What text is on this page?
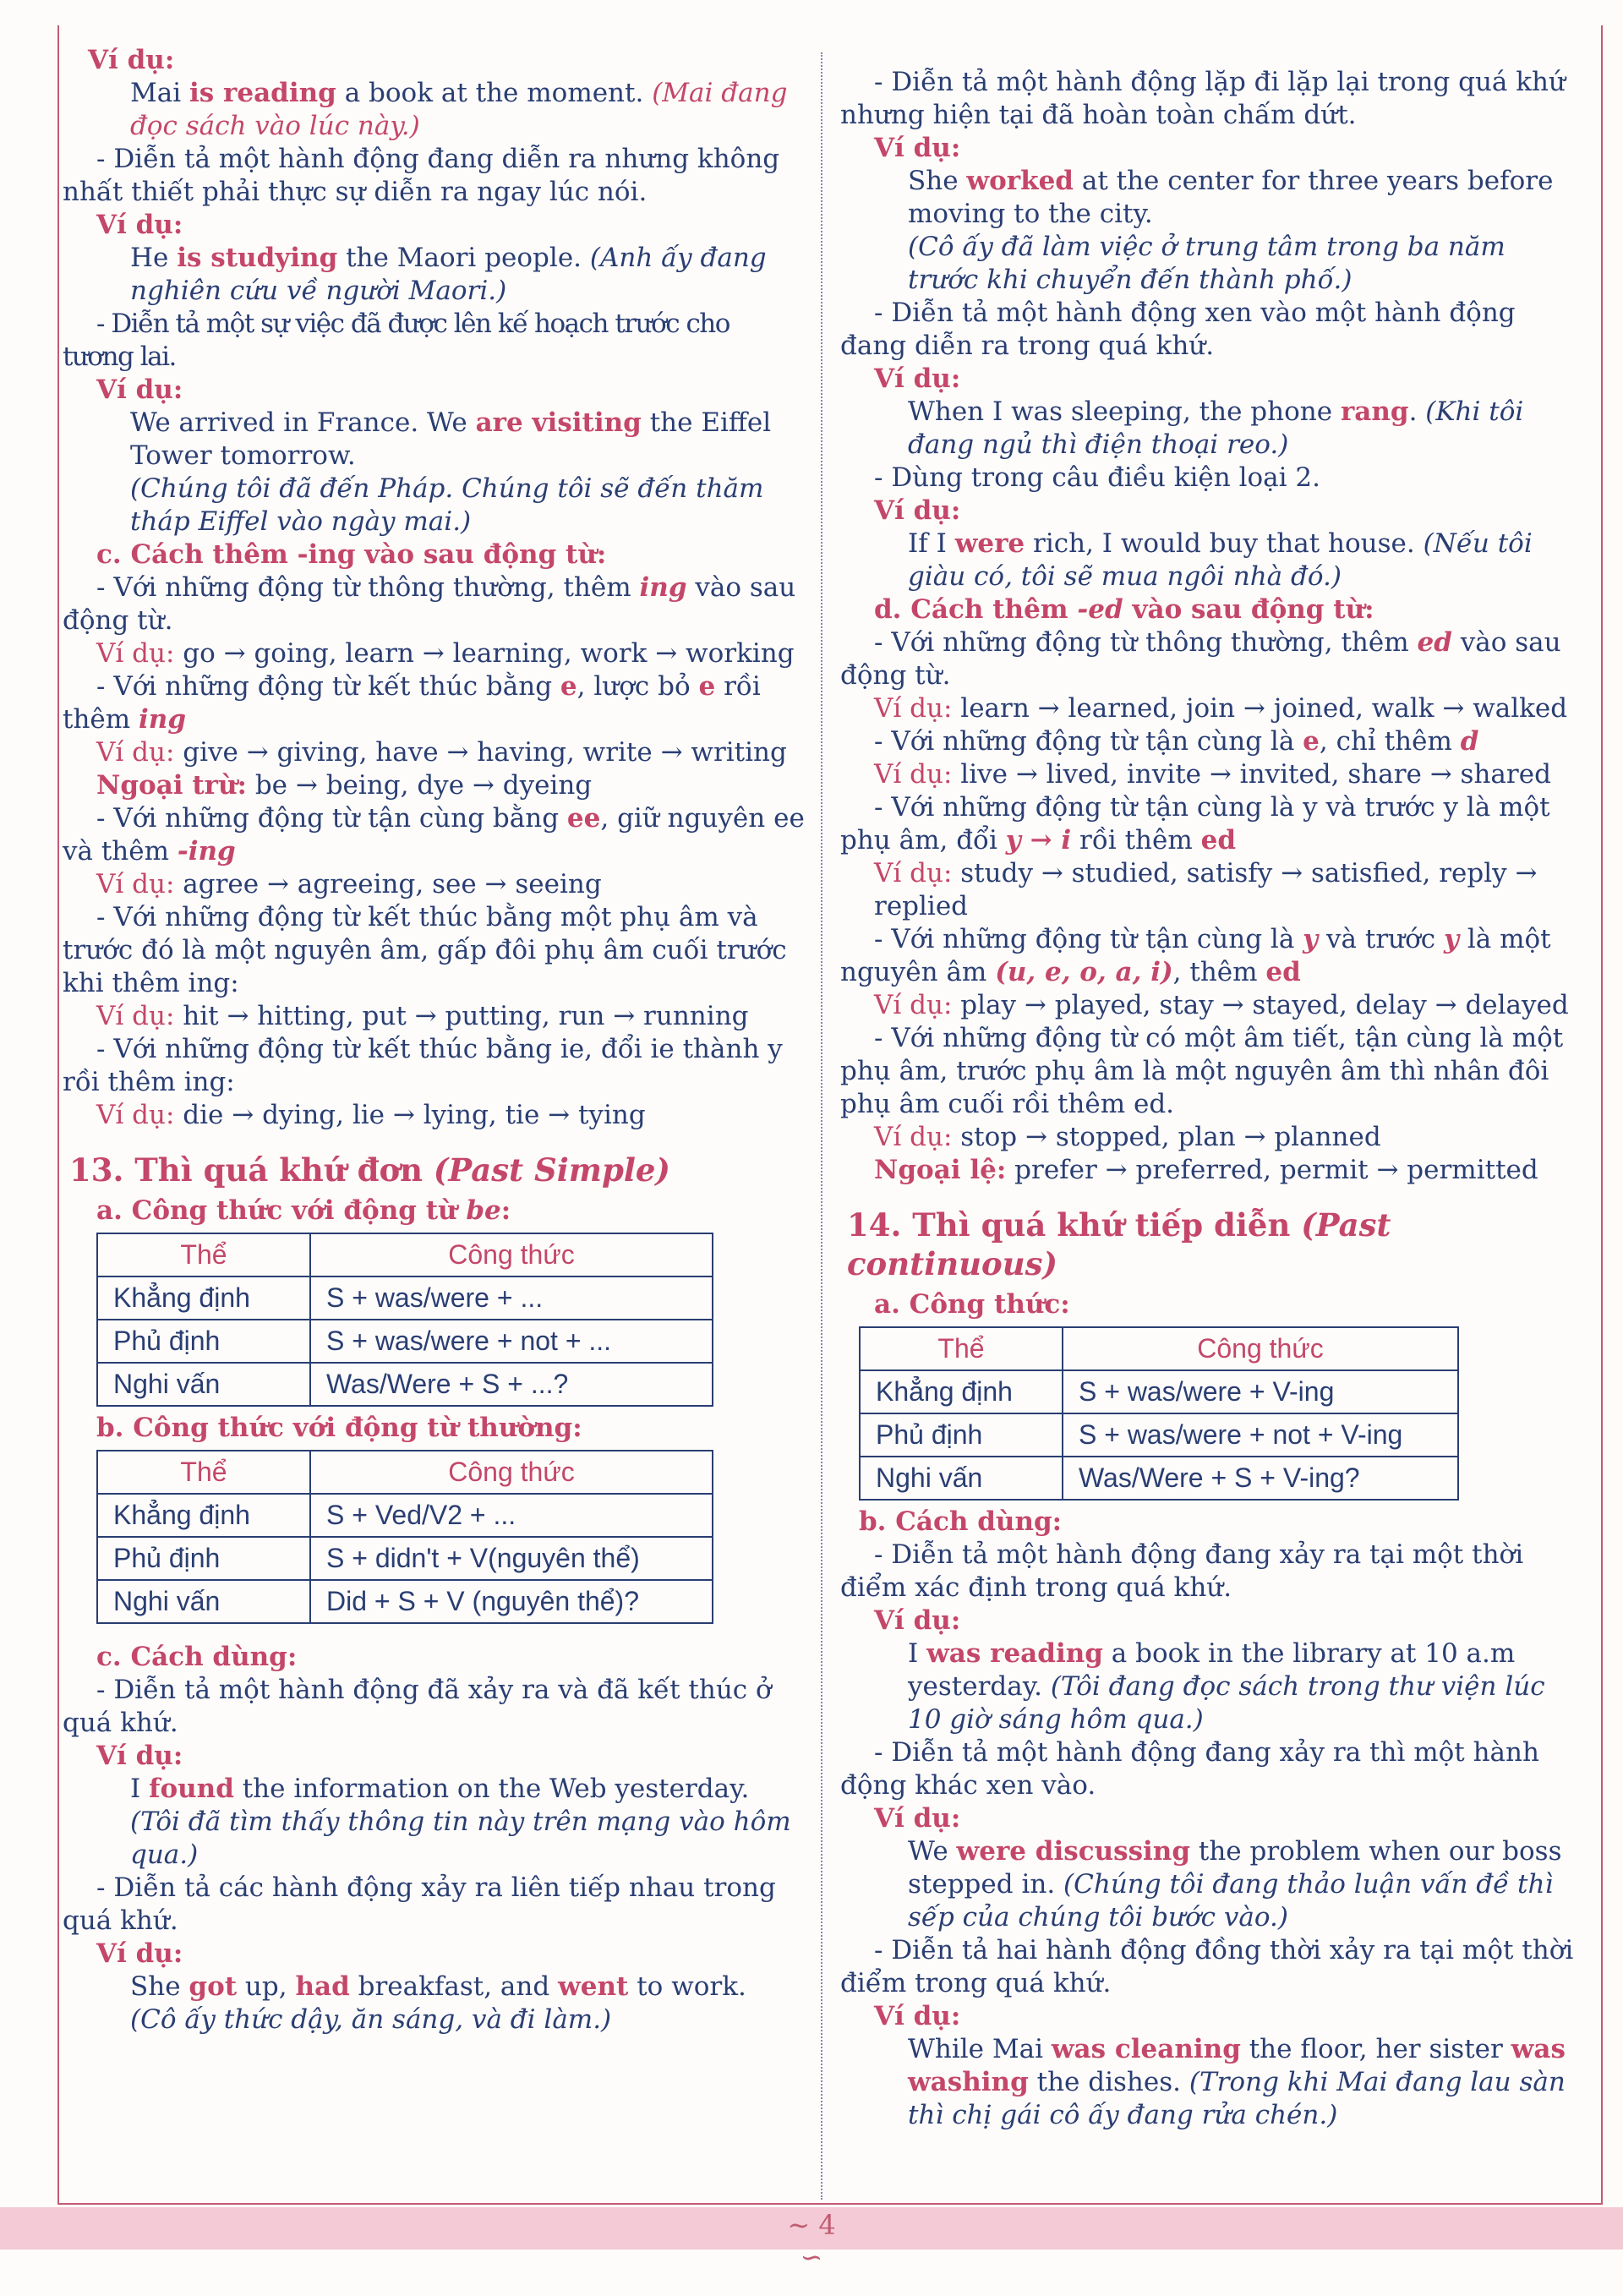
Ví dụ:
Mai is reading a book at the moment. (Mai đang
đọc sách vào lúc này.)
- Diễn tả một hành động đang diễn ra nhưng không nhất thiết phải thực sự diễn ra ngay lúc nói.
Ví dụ:
He is studying the Maori people. (Anh ấy đang
nghiên cứu về người Maori.)
- Diễn tả một sự việc đã được lên kế hoạch trước cho tương lai.
Ví dụ:
We arrived in France. We are visiting the Eiffel Tower tomorrow.
(Chúng tôi đã đến Pháp. Chúng tôi sẽ đến thăm tháp Eiffel vào ngày mai.)
c. Cách thêm -ing vào sau động từ:
- Với những động từ thông thường, thêm ing vào sau động từ.
Ví dụ: go → going, learn → learning, work → working
- Với những động từ kết thúc bằng e, lược bỏ e rồi thêm ing
Ví dụ: give → giving, have → having, write → writing
Ngoại trừ: be → being, dye → dyeing
- Với những động từ tận cùng bằng ee, giữ nguyên ee và thêm -ing
Ví dụ: agree → agreeing, see → seeing
- Với những động từ kết thúc bằng một phụ âm và trước đó là một nguyên âm, gấp đôi phụ âm cuối trước khi thêm ing:
Ví dụ: hit → hitting, put → putting, run → running
- Với những động từ kết thúc bằng ie, đổi ie thành y rồi thêm ing:
Ví dụ: die → dying, lie → lying, tie → tying
13. Thì quá khứ đơn (Past Simple)
a. Công thức với động từ be:
Thể	Công thức
Khẳng định	S + was/were + ...
Phủ định	S + was/were + not + ...
Nghi vấn	Was/Were + S + ...?
b. Công thức với động từ thường:
Thể	Công thức
Khẳng định	S + Ved/V2 + ...
Phủ định	S + didn't + V(nguyên thể)
Nghi vấn	Did + S + V (nguyên thể)?
c. Cách dùng:
- Diễn tả một hành động đã xảy ra và đã kết thúc ở quá khứ.
Ví dụ:
I found the information on the Web yesterday.
(Tôi đã tìm thấy thông tin này trên mạng vào hôm qua.)
- Diễn tả các hành động xảy ra liên tiếp nhau trong quá khứ.
Ví dụ:
She got up, had breakfast, and went to work.
(Cô ấy thức dậy, ăn sáng, và đi làm.)
- Diễn tả một hành động lặp đi lặp lại trong quá khứ nhưng hiện tại đã hoàn toàn chấm dứt.
Ví dụ:
She worked at the center for three years before moving to the city.
(Cô ấy đã làm việc ở trung tâm trong ba năm trước khi chuyển đến thành phố.)
- Diễn tả một hành động xen vào một hành động đang diễn ra trong quá khứ.
Ví dụ:
When I was sleeping, the phone rang. (Khi tôi đang ngủ thì điện thoại reo.)
- Dùng trong câu điều kiện loại 2.
Ví dụ:
If I were rich, I would buy that house. (Nếu tôi giàu có, tôi sẽ mua ngôi nhà đó.)
d. Cách thêm -ed vào sau động từ:
- Với những động từ thông thường, thêm ed vào sau động từ.
Ví dụ: learn → learned, join → joined, walk → walked
- Với những động từ tận cùng là e, chỉ thêm d
Ví dụ: live → lived, invite → invited, share → shared
- Với những động từ tận cùng là y và trước y là một phụ âm, đổi y → i rồi thêm ed
Ví dụ: study → studied, satisfy → satisfied, reply → replied
- Với những động từ tận cùng là y và trước y là một nguyên âm (u, e, o, a, i), thêm ed
Ví dụ: play → played, stay → stayed, delay → delayed
- Với những động từ có một âm tiết, tận cùng là một phụ âm, trước phụ âm là một nguyên âm thì nhân đôi phụ âm cuối rồi thêm ed.
Ví dụ: stop → stopped, plan → planned
Ngoại lệ: prefer → preferred, permit → permitted
14. Thì quá khứ tiếp diễn (Past continuous)
a. Công thức:
Thể	Công thức
Khẳng định	S + was/were + V-ing
Phủ định	S + was/were + not + V-ing
Nghi vấn	Was/Were + S + V-ing?
b. Cách dùng:
- Diễn tả một hành động đang xảy ra tại một thời điểm xác định trong quá khứ.
Ví dụ:
I was reading a book in the library at 10 a.m yesterday. (Tôi đang đọc sách trong thư viện lúc 10 giờ sáng hôm qua.)
- Diễn tả một hành động đang xảy ra thì một hành động khác xen vào.
Ví dụ:
We were discussing the problem when our boss stepped in. (Chúng tôi đang thảo luận vấn đề thì sếp của chúng tôi bước vào.)
- Diễn tả hai hành động đồng thời xảy ra tại một thời điểm trong quá khứ.
Ví dụ:
While Mai was cleaning the floor, her sister was washing the dishes. (Trong khi Mai đang lau sàn thì chị gái cô ấy đang rửa chén.)
∼ 4 ∽
